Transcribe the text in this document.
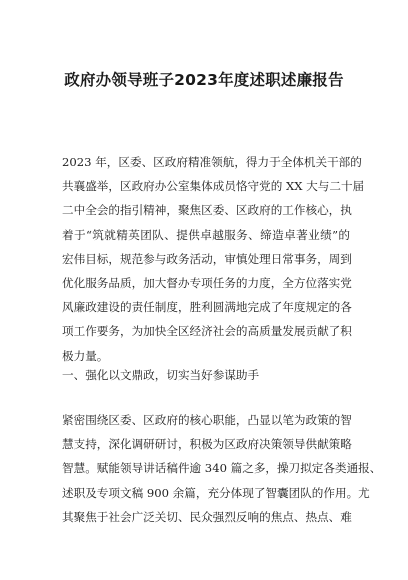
政府办领导班子2023年度述职述廉报告
2023 年，区委、区政府精准领航，得力于全体机关干部的
共襄盛举，区政府办公室集体成员恪守党的 XX 大与二十届
二中全会的指引精神，聚焦区委、区政府的工作核心，执
着于“筑就精英团队、提供卓越服务、缔造卓著业绩”的
宏伟目标，规范参与政务活动，审慎处理日常事务，周到
优化服务品质，加大督办专项任务的力度，全方位落实党
风廉政建设的责任制度，胜利圆满地完成了年度规定的各
项工作要务，为加快全区经济社会的高质量发展贡献了积
极力量。
一、强化以文鼎政，切实当好参谋助手
紧密围绕区委、区政府的核心职能，凸显以笔为政策的智
慧支持，深化调研研讨，积极为区政府决策领导供献策略
智慧。赋能领导讲话稿件逾 340 篇之多，操刀拟定各类通报、
述职及专项文稿 900 余篇，充分体现了智囊团队的作用。尤
其聚焦于社会广泛关切、民众强烈反响的焦点、热点、难
